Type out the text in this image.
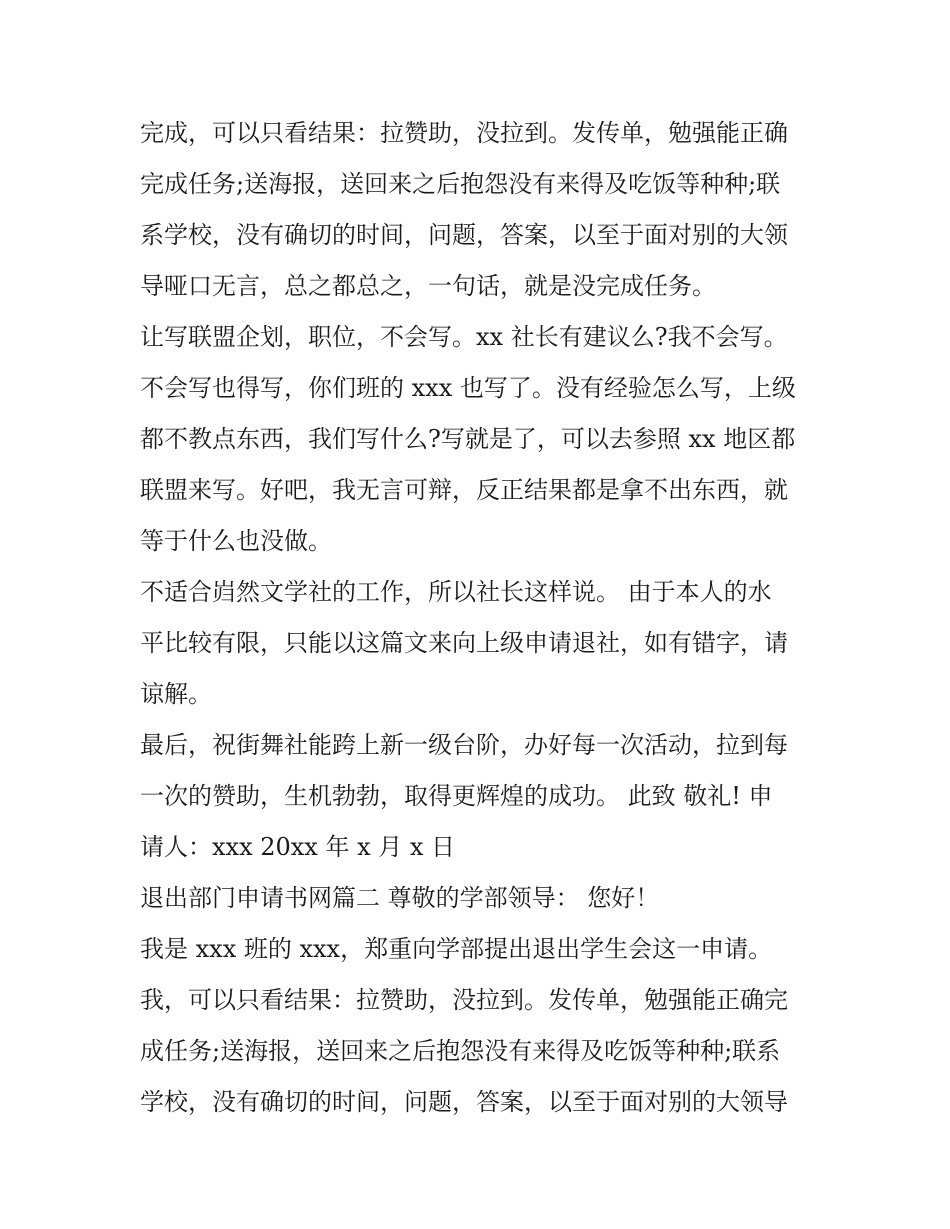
完成，可以只看结果：拉赞助，没拉到。发传单，勉强能正确
完成任务;送海报，送回来之后抱怨没有来得及吃饭等种种;联
系学校，没有确切的时间，问题，答案，以至于面对别的大领
导哑口无言，总之都总之，一句话，就是没完成任务。
让写联盟企划，职位，不会写。xx 社长有建议么?我不会写。
不会写也得写，你们班的 xxx 也写了。没有经验怎么写，上级
都不教点东西，我们写什么?写就是了，可以去参照 xx 地区都
联盟来写。好吧，我无言可辩，反正结果都是拿不出东西，就
等于什么也没做。
不适合岿然文学社的工作，所以社长这样说。 由于本人的水
平比较有限，只能以这篇文来向上级申请退社，如有错字，请
谅解。
最后，祝街舞社能跨上新一级台阶，办好每一次活动，拉到每
一次的赞助，生机勃勃，取得更辉煌的成功。 此致 敬礼! 申
请人：xxx 20xx 年 x 月 x 日
退出部门申请书网篇二 尊敬的学部领导： 您好！
我是 xxx 班的 xxx，郑重向学部提出退出学生会这一申请。
我，可以只看结果：拉赞助，没拉到。发传单，勉强能正确完
成任务;送海报，送回来之后抱怨没有来得及吃饭等种种;联系
学校，没有确切的时间，问题，答案，以至于面对别的大领导
